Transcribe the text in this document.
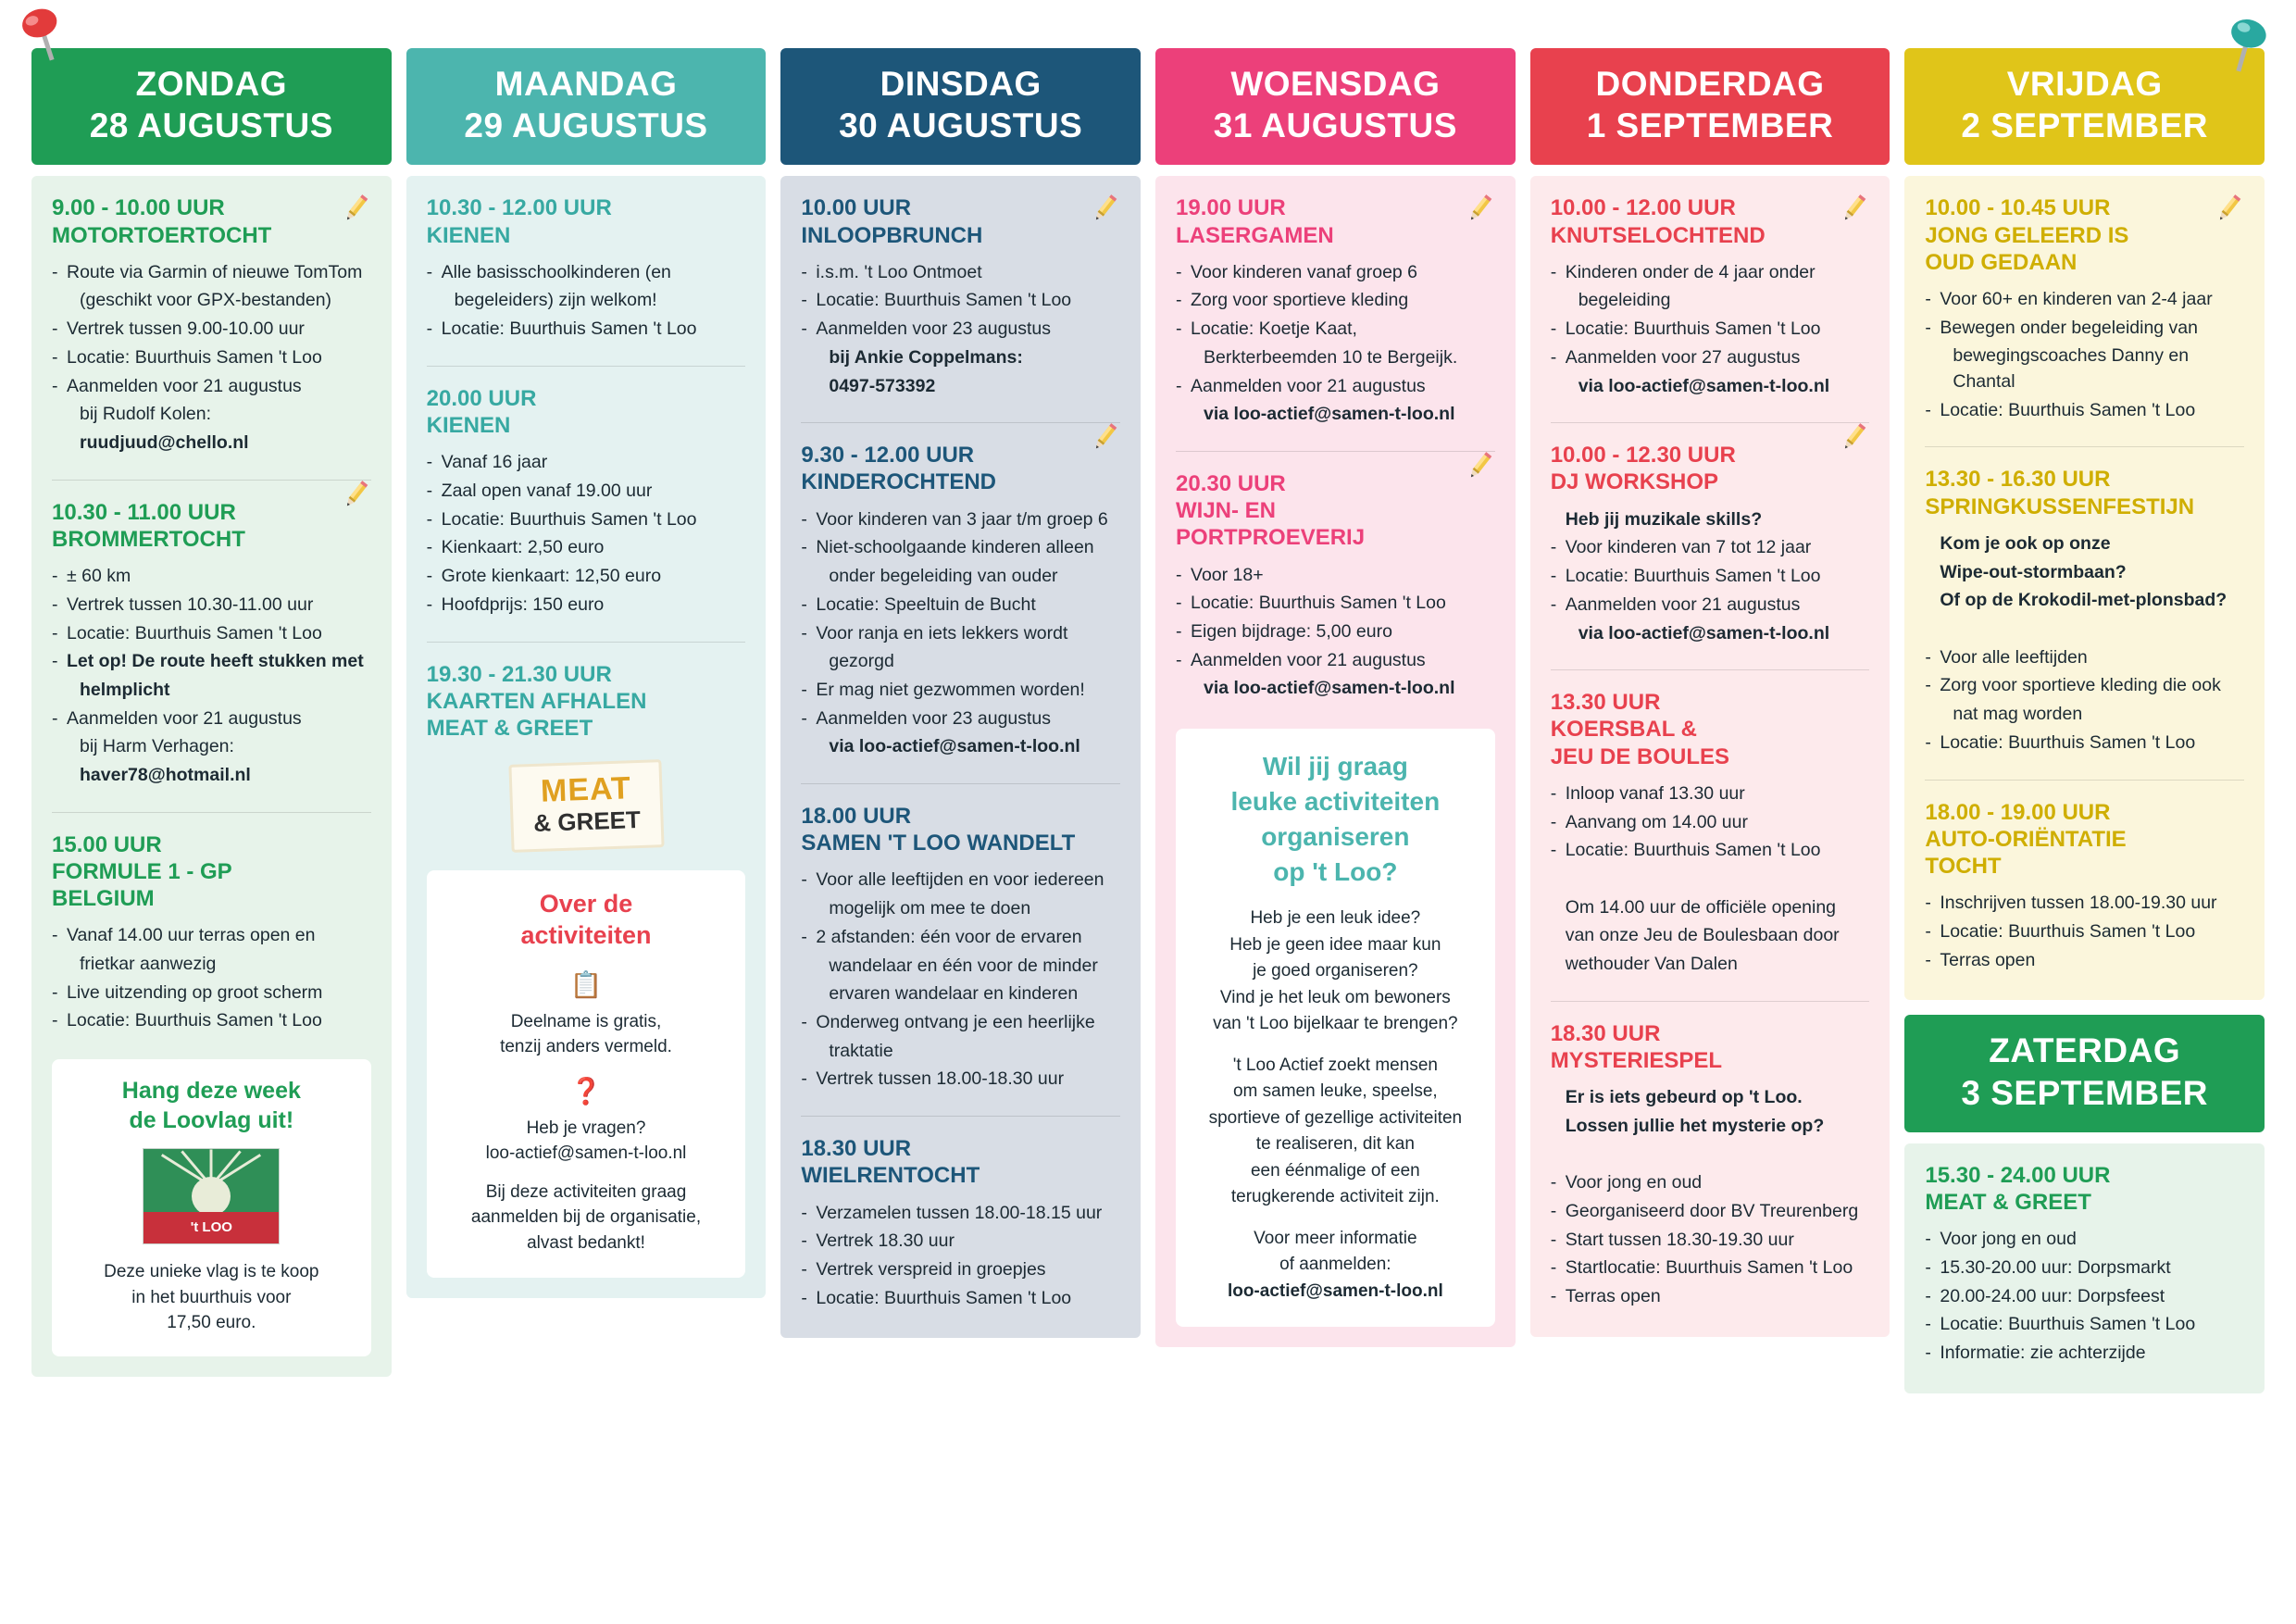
ZONDAG
28 AUGUSTUS
9.00 - 10.00 UUR
MOTORTOERTOCHT
- Route via Garmin of nieuwe TomTom
(geschikt voor GPX-bestanden)
- Vertrek tussen 9.00-10.00 uur
- Locatie: Buurthuis Samen 't Loo
- Aanmelden voor 21 augustus
bij Rudolf Kolen:
ruudjuud@chello.nl
10.30 - 11.00 UUR
BROMMERTOCHT
- ± 60 km
- Vertrek tussen 10.30-11.00 uur
- Locatie: Buurthuis Samen 't Loo
- Let op! De route heeft stukken met
helmplicht
- Aanmelden voor 21 augustus
bij Harm Verhagen:
haver78@hotmail.nl
15.00 UUR
FORMULE 1 - GP BELGIUM
- Vanaf 14.00 uur terras open en
frietkar aanwezig
- Live uitzending op groot scherm
- Locatie: Buurthuis Samen 't Loo
Hang deze week
de Loovlag uit!
't LOO
Deze unieke vlag is te koop
in het buurthuis voor
17,50 euro.
MAANDAG
29 AUGUSTUS
10.30 - 12.00 UUR
KIENEN
- Alle basisschoolkinderen (en
begeleiders) zijn welkom!
- Locatie: Buurthuis Samen 't Loo
20.00 UUR
KIENEN
- Vanaf 16 jaar
- Zaal open vanaf 19.00 uur
- Locatie: Buurthuis Samen 't Loo
- Kienkaart: 2,50 euro
- Grote kienkaart: 12,50 euro
- Hoofdprijs: 150 euro
19.30 - 21.30 UUR
KAARTEN AFHALEN
MEAT & GREET
MEAT
& GREET
Over de
activiteiten
📋

Deelname is gratis,
tenzij anders vermeld.

❓

Heb je vragen?
loo-actief@samen-t-loo.nl

Bij deze activiteiten graag
aanmelden bij de organisatie,
alvast bedankt!

DINSDAG
30 AUGUSTUS
10.00 UUR
INLOOPBRUNCH
- i.s.m. 't Loo Ontmoet
- Locatie: Buurthuis Samen 't Loo
- Aanmelden voor 23 augustus
bij Ankie Coppelmans:
0497-573392
9.30 - 12.00 UUR
KINDEROCHTEND
- Voor kinderen van 3 jaar t/m groep 6
- Niet-schoolgaande kinderen alleen
onder begeleiding van ouder
- Locatie: Speeltuin de Bucht
- Voor ranja en iets lekkers wordt
gezorgd
- Er mag niet gezwommen worden!
- Aanmelden voor 23 augustus
via loo-actief@samen-t-loo.nl
18.00 UUR
SAMEN 'T LOO WANDELT
- Voor alle leeftijden en voor iedereen
mogelijk om mee te doen
- 2 afstanden: één voor de ervaren
wandelaar en één voor de minder
ervaren wandelaar en kinderen
- Onderweg ontvang je een heerlijke
traktatie
- Vertrek tussen 18.00-18.30 uur
18.30 UUR
WIELRENTOCHT
- Verzamelen tussen 18.00-18.15 uur
- Vertrek 18.30 uur
- Vertrek verspreid in groepjes
- Locatie: Buurthuis Samen 't Loo
WOENSDAG
31 AUGUSTUS
19.00 UUR
LASERGAMEN
- Voor kinderen vanaf groep 6
- Zorg voor sportieve kleding
- Locatie: Koetje Kaat,
Berkterbeemden 10 te Bergeijk.
- Aanmelden voor 21 augustus
via loo-actief@samen-t-loo.nl
20.30 UUR
WIJN- EN
PORTPROEVERIJ
- Voor 18+
- Locatie: Buurthuis Samen 't Loo
- Eigen bijdrage: 5,00 euro
- Aanmelden voor 21 augustus
via loo-actief@samen-t-loo.nl
Wil jij graag
leuke activiteiten
organiseren
op 't Loo?

Heb je een leuk idee?
Heb je geen idee maar kun
je goed organiseren?
Vind je het leuk om bewoners
van 't Loo bijelkaar te brengen?

't Loo Actief zoekt mensen
om samen leuke, speelse,
sportieve of gezellige activiteiten
te realiseren, dit kan
een éénmalige of een
terugkerende activiteit zijn.

Voor meer informatie
of aanmelden:
loo-actief@samen-t-loo.nl

DONDERDAG
1 SEPTEMBER
10.00 - 12.00 UUR
KNUTSELOCHTEND
- Kinderen onder de 4 jaar onder
begeleiding
- Locatie: Buurthuis Samen 't Loo
- Aanmelden voor 27 augustus
via loo-actief@samen-t-loo.nl
10.00 - 12.30 UUR
DJ WORKSHOP
Heb jij muzikale skills?
- Voor kinderen van 7 tot 12 jaar
- Locatie: Buurthuis Samen 't Loo
- Aanmelden voor 21 augustus
via loo-actief@samen-t-loo.nl
13.30 UUR
KOERSBAL &
JEU DE BOULES
- Inloop vanaf 13.30 uur
- Aanvang om 14.00 uur
- Locatie: Buurthuis Samen 't Loo

Om 14.00 uur de officiële opening
van onze Jeu de Boulesbaan door
wethouder Van Dalen
18.30 UUR
MYSTERIESPEL
Er is iets gebeurd op 't Loo.
Lossen jullie het mysterie op?

- Voor jong en oud
- Georganiseerd door BV Treurenberg
- Start tussen 18.30-19.30 uur
- Startlocatie: Buurthuis Samen 't Loo
- Terras open
VRIJDAG
2 SEPTEMBER
10.00 - 10.45 UUR
JONG GELEERD IS
OUD GEDAAN
- Voor 60+ en kinderen van 2-4 jaar
- Bewegen onder begeleiding van
bewegingscoaches Danny en Chantal
- Locatie: Buurthuis Samen 't Loo
13.30 - 16.30 UUR
SPRINGKUSSENFESTIJN
Kom je ook op onze
Wipe-out-stormbaan?
Of op de Krokodil-met-plonsbad?

- Voor alle leeftijden
- Zorg voor sportieve kleding die ook
nat mag worden
- Locatie: Buurthuis Samen 't Loo
18.00 - 19.00 UUR
AUTO-ORIËNTATIE
TOCHT
- Inschrijven tussen 18.00-19.30 uur
- Locatie: Buurthuis Samen 't Loo
- Terras open
ZATERDAG
3 SEPTEMBER
15.30 - 24.00 UUR
MEAT & GREET
- Voor jong en oud
- 15.30-20.00 uur: Dorpsmarkt
- 20.00-24.00 uur: Dorpsfeest
- Locatie: Buurthuis Samen 't Loo
- Informatie: zie achterzijde
